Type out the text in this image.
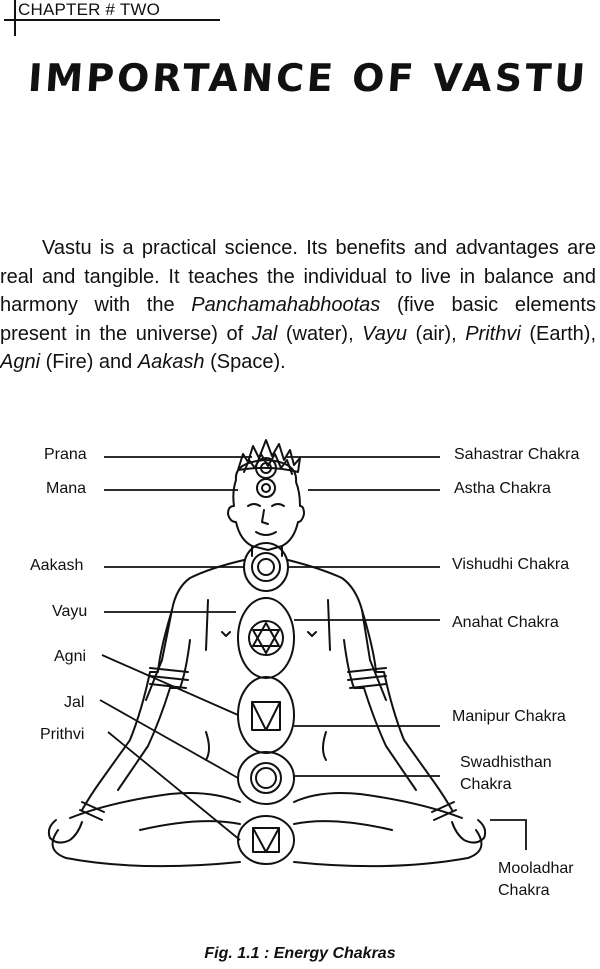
CHAPTER # TWO
IMPORTANCE OF VASTU
Vastu is a practical science. Its benefits and advantages are real and tangible. It teaches the individual to live in balance and harmony with the Panchamahabhootas (five basic elements present in the universe) of Jal (water), Vayu (air), Prithvi (Earth), Agni (Fire) and Aakash (Space).
Prana
Mana
Aakash
Vayu
Agni
Jal
Prithvi
Sahastrar Chakra
Astha Chakra
Vishudhi Chakra
Anahat Chakra
Manipur Chakra
Swadhisthan
Chakra
Mooladhar
Chakra
Fig. 1.1 : Energy Chakras
